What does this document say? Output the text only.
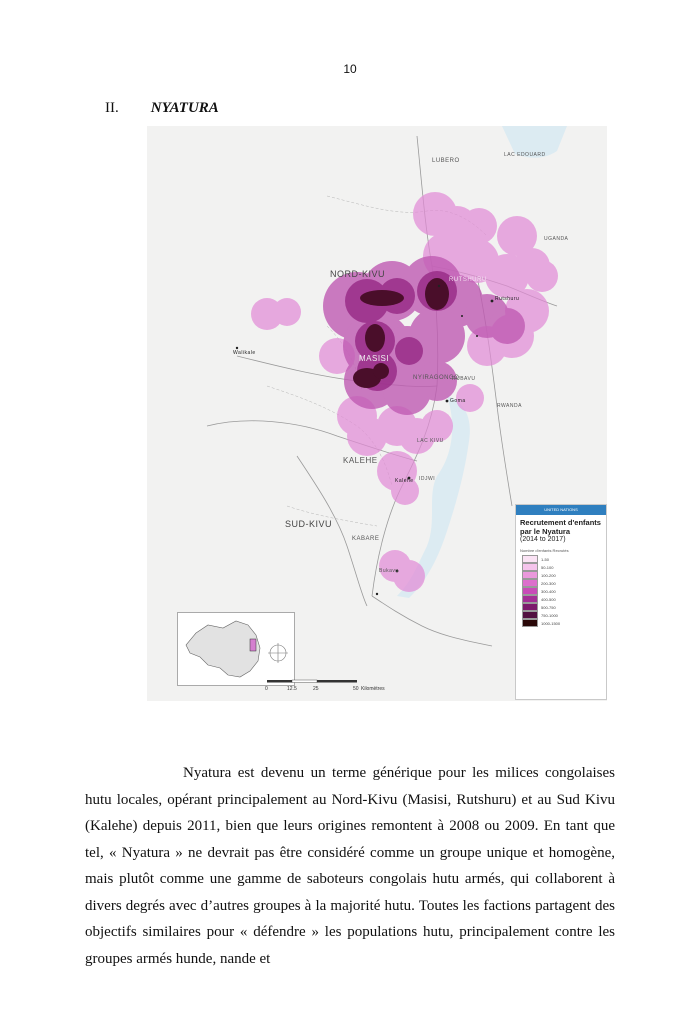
10
II. NYATURA
NORD-KIVU
SUD-KIVU
MASISI
RUTSHURU
NYIRAGONGO
KALEHE
KABARE
LUBERO
LAC EDOUARD
UGANDA
RWANDA
LAC KIVU
IDJWI
Bukavu
Walikale
Goma
Rutshuru
Kalehe
RUBAVU
UNITED NATIONS
Recrutement d'enfants par le Nyatura
(2014 to 2017)
Nombre d'enfants Recrutés
1-50
50-100
100-200
200-300
300-400
400-500
500-750
750-1000
1000-1500
0	12.5	25	50 Kilomètres

Nyatura est devenu un terme générique pour les milices congolaises hutu locales, opérant principalement au Nord-Kivu (Masisi, Rutshuru) et au Sud Kivu (Kalehe) depuis 2011, bien que leurs origines remontent à 2008 ou 2009. En tant que tel, « Nyatura » ne devrait pas être considéré comme un groupe unique et homogène, mais plutôt comme une gamme de saboteurs congolais hutu armés, qui collaborent à divers degrés avec d’autres groupes à la majorité hutu. Toutes les factions partagent des objectifs similaires pour « défendre » les populations hutu, principalement contre les groupes armés hunde, nande et
